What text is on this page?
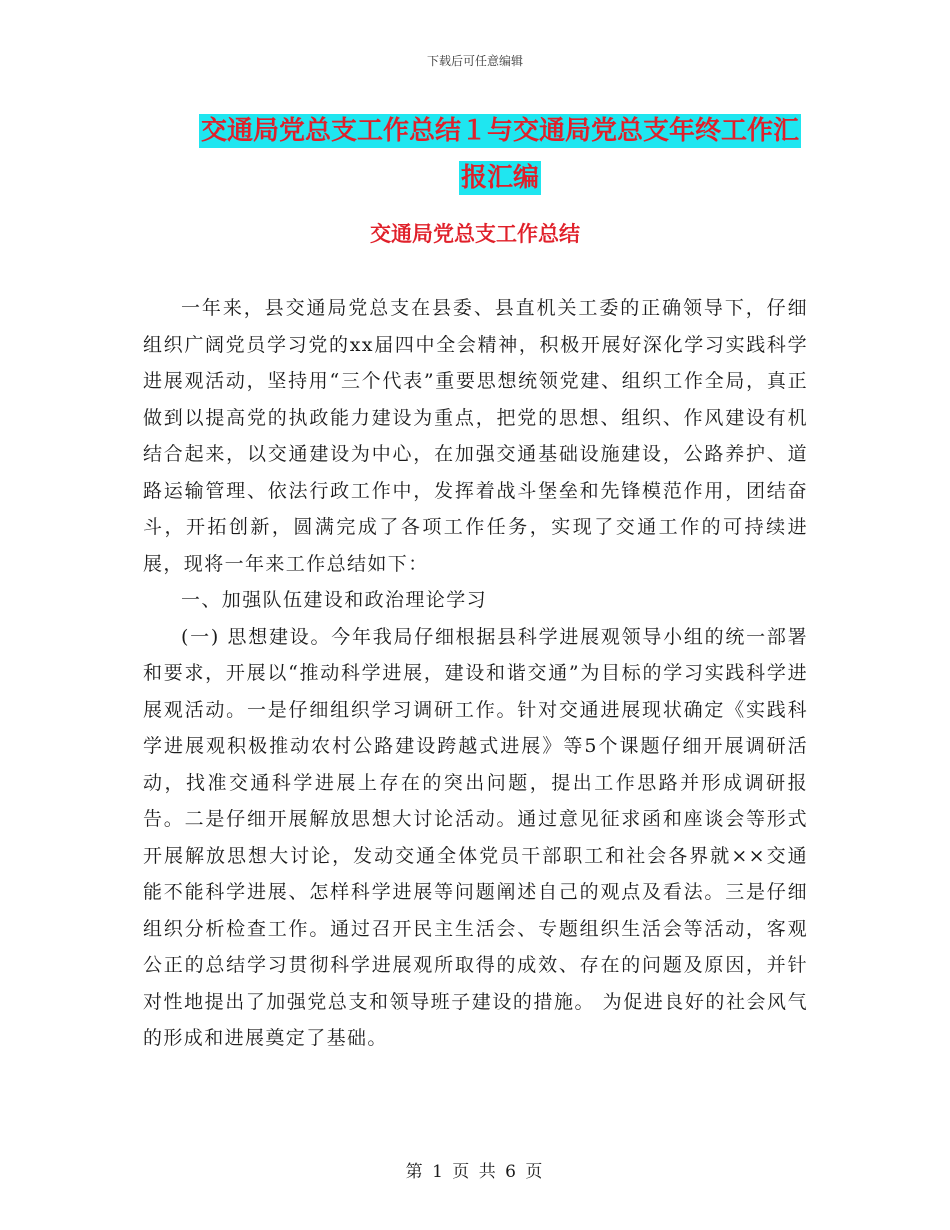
下载后可任意编辑
交通局党总支工作总结１与交通局党总支年终工作汇
报汇编
交通局党总支工作总结

一年来，县交通局党总支在县委、县直机关工委的正确领导下，仔细组织广阔党员学习党的xx届四中全会精神，积极开展好深化学习实践科学进展观活动，坚持用“三个代表”重要思想统领党建、组织工作全局，真正做到以提高党的执政能力建设为重点，把党的思想、组织、作风建设有机结合起来，以交通建设为中心，在加强交通基础设施建设，公路养护、道路运输管理、依法行政工作中，发挥着战斗堡垒和先锋模范作用，团结奋斗，开拓创新，圆满完成了各项工作任务，实现了交通工作的可持续进展，现将一年来工作总结如下：

一、加强队伍建设和政治理论学习

(一) 思想建设。今年我局仔细根据县科学进展观领导小组的统一部署和要求，开展以“推动科学进展，建设和谐交通”为目标的学习实践科学进展观活动。一是仔细组织学习调研工作。针对交通进展现状确定《实践科学进展观积极推动农村公路建设跨越式进展》等5个课题仔细开展调研活动，找准交通科学进展上存在的突出问题，提出工作思路并形成调研报告。二是仔细开展解放思想大讨论活动。通过意见征求函和座谈会等形式开展解放思想大讨论，发动交通全体党员干部职工和社会各界就××交通能不能科学进展、怎样科学进展等问题阐述自己的观点及看法。三是仔细组织分析检查工作。通过召开民主生活会、专题组织生活会等活动，客观公正的总结学习贯彻科学进展观所取得的成效、存在的问题及原因，并针对性地提出了加强党总支和领导班子建设的措施。 为促进良好的社会风气的形成和进展奠定了基础。

第 1 页 共 6 页
